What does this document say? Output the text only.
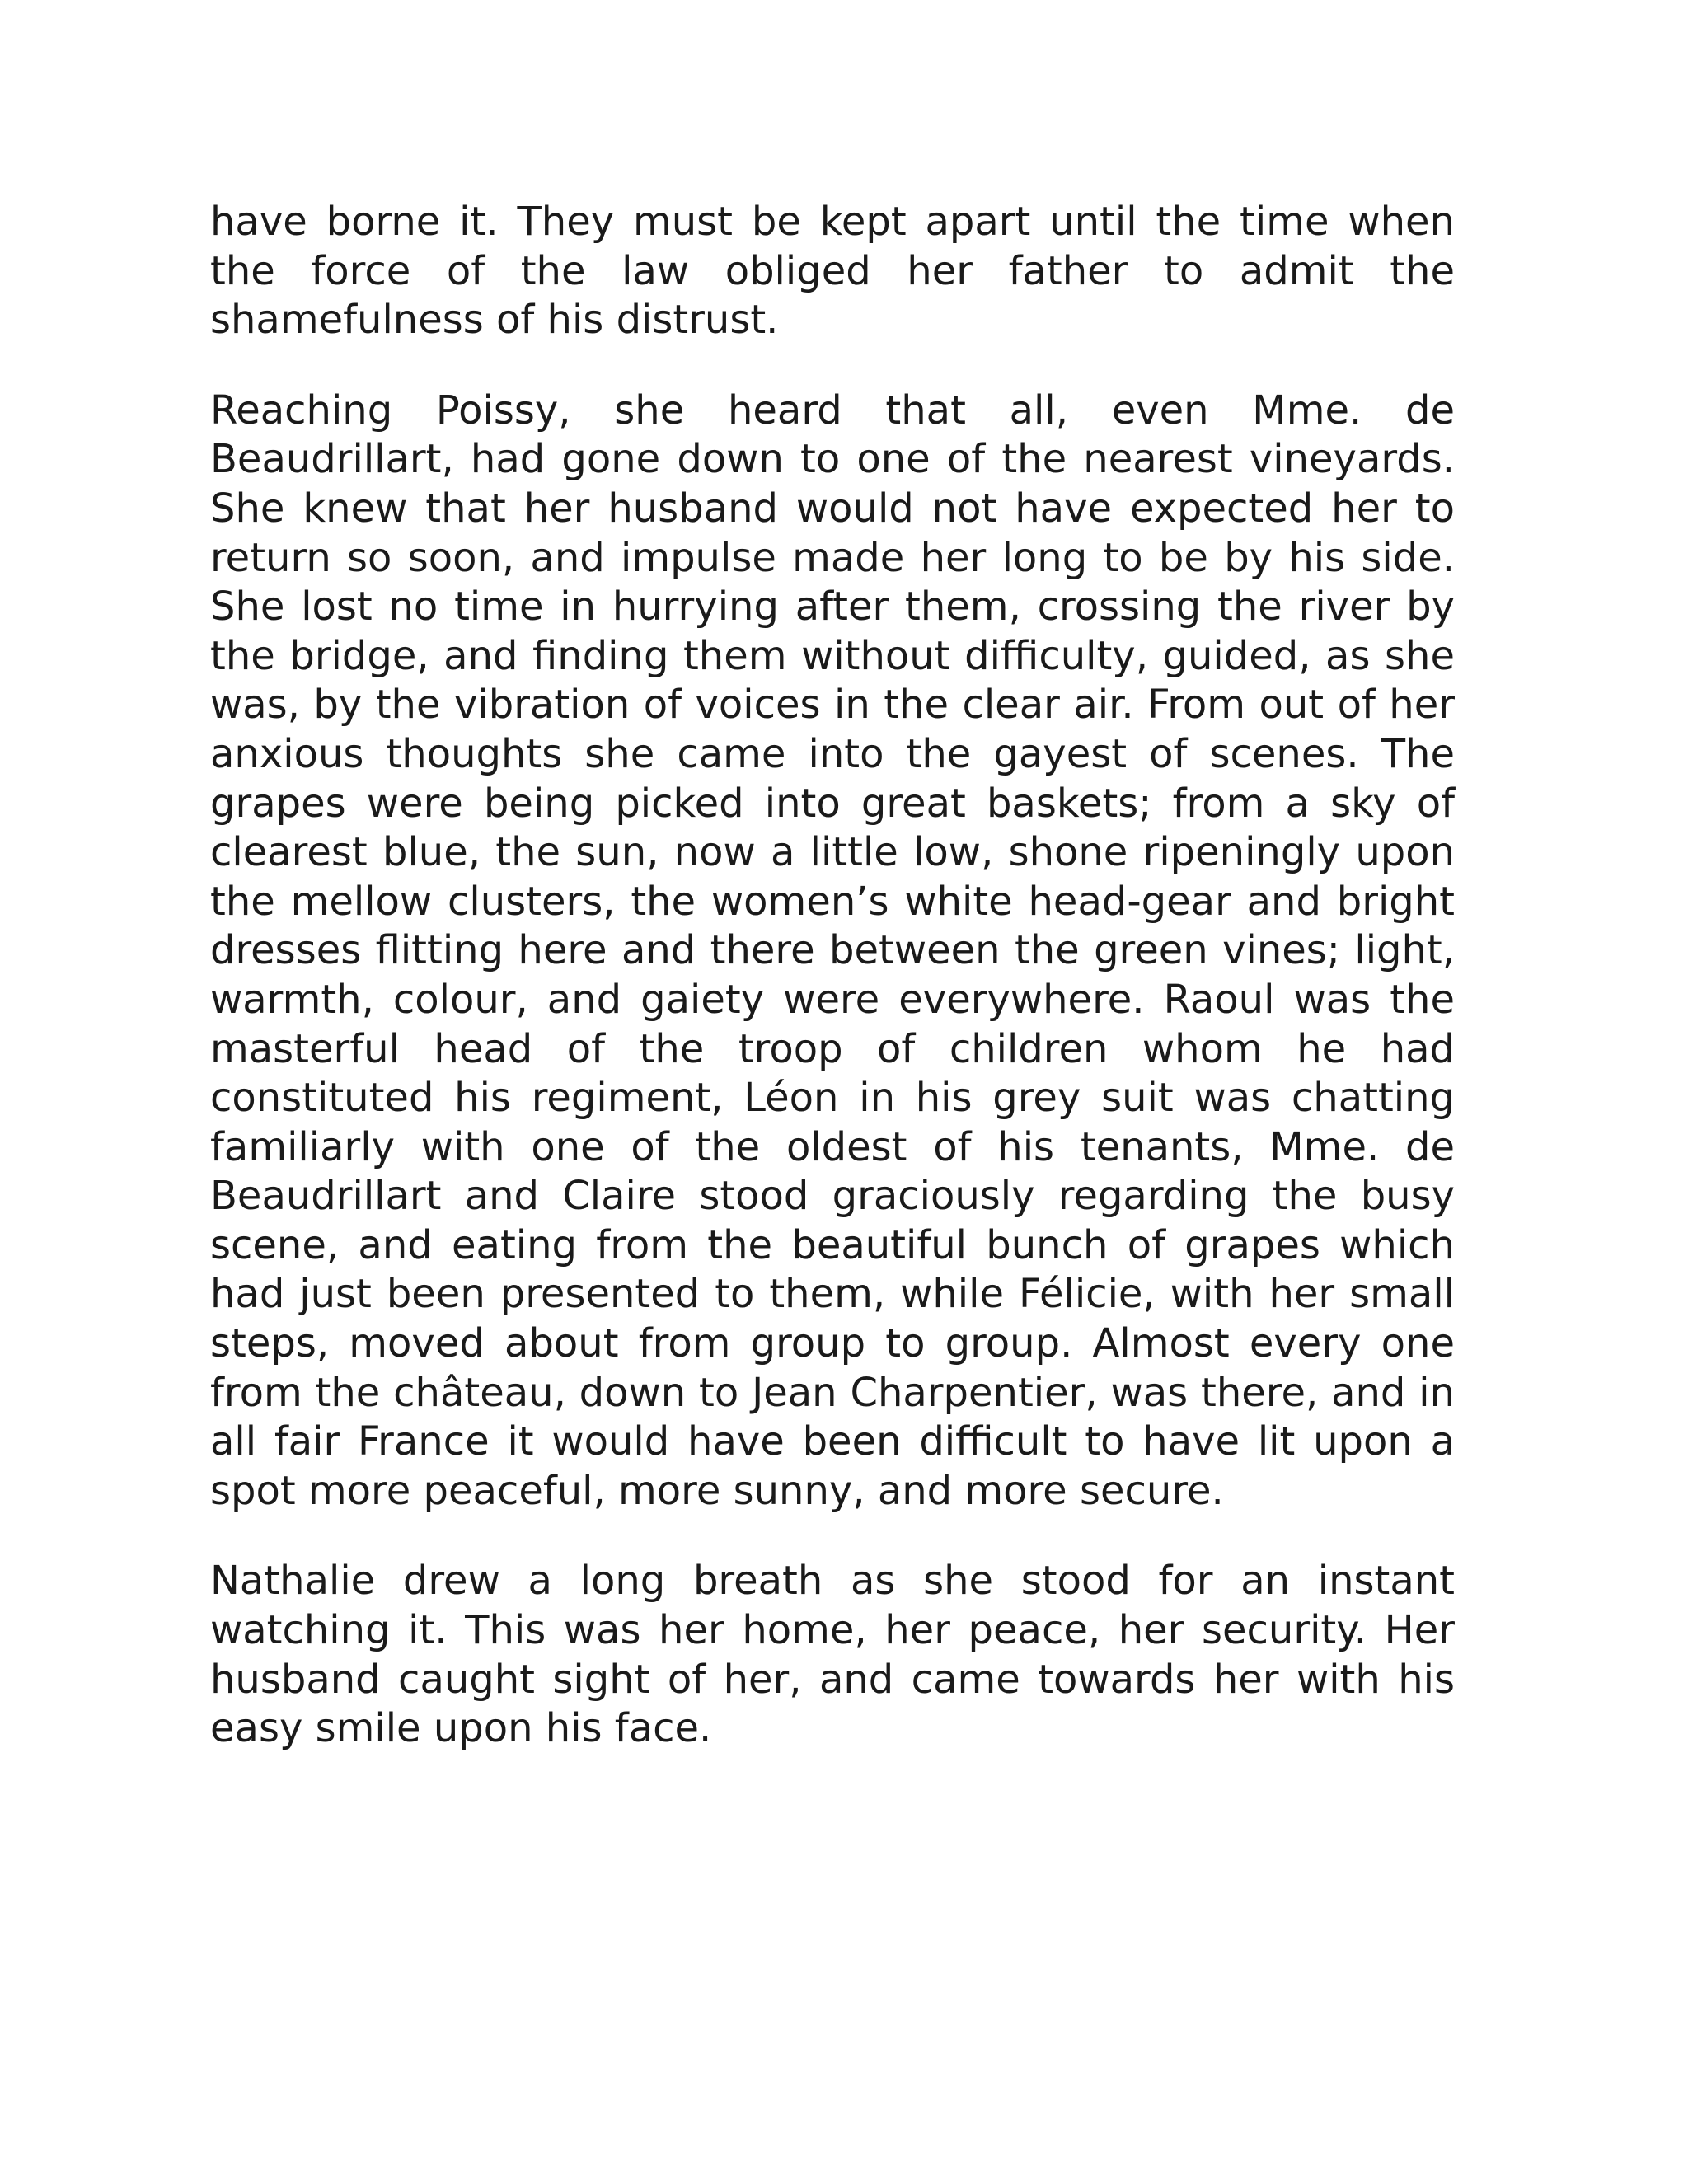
have borne it. They must be kept apart until the time when the force of the law obliged her father to admit the shamefulness of his distrust.

Reaching Poissy, she heard that all, even Mme. de Beaudrillart, had gone down to one of the nearest vineyards. She knew that her husband would not have expected her to return so soon, and impulse made her long to be by his side. She lost no time in hurrying after them, crossing the river by the bridge, and finding them without difficulty, guided, as she was, by the vibration of voices in the clear air. From out of her anxious thoughts she came into the gayest of scenes. The grapes were being picked into great baskets; from a sky of clearest blue, the sun, now a little low, shone ripeningly upon the mellow clusters, the women’s white head-gear and bright dresses flitting here and there between the green vines; light, warmth, colour, and gaiety were everywhere. Raoul was the masterful head of the troop of children whom he had constituted his regiment, Léon in his grey suit was chatting familiarly with one of the oldest of his tenants, Mme. de Beaudrillart and Claire stood graciously regarding the busy scene, and eating from the beautiful bunch of grapes which had just been presented to them, while Félicie, with her small steps, moved about from group to group. Almost every one from the château, down to Jean Charpentier, was there, and in all fair France it would have been difficult to have lit upon a spot more peaceful, more sunny, and more secure.

Nathalie drew a long breath as she stood for an instant watching it. This was her home, her peace, her security. Her husband caught sight of her, and came towards her with his easy smile upon his face.
